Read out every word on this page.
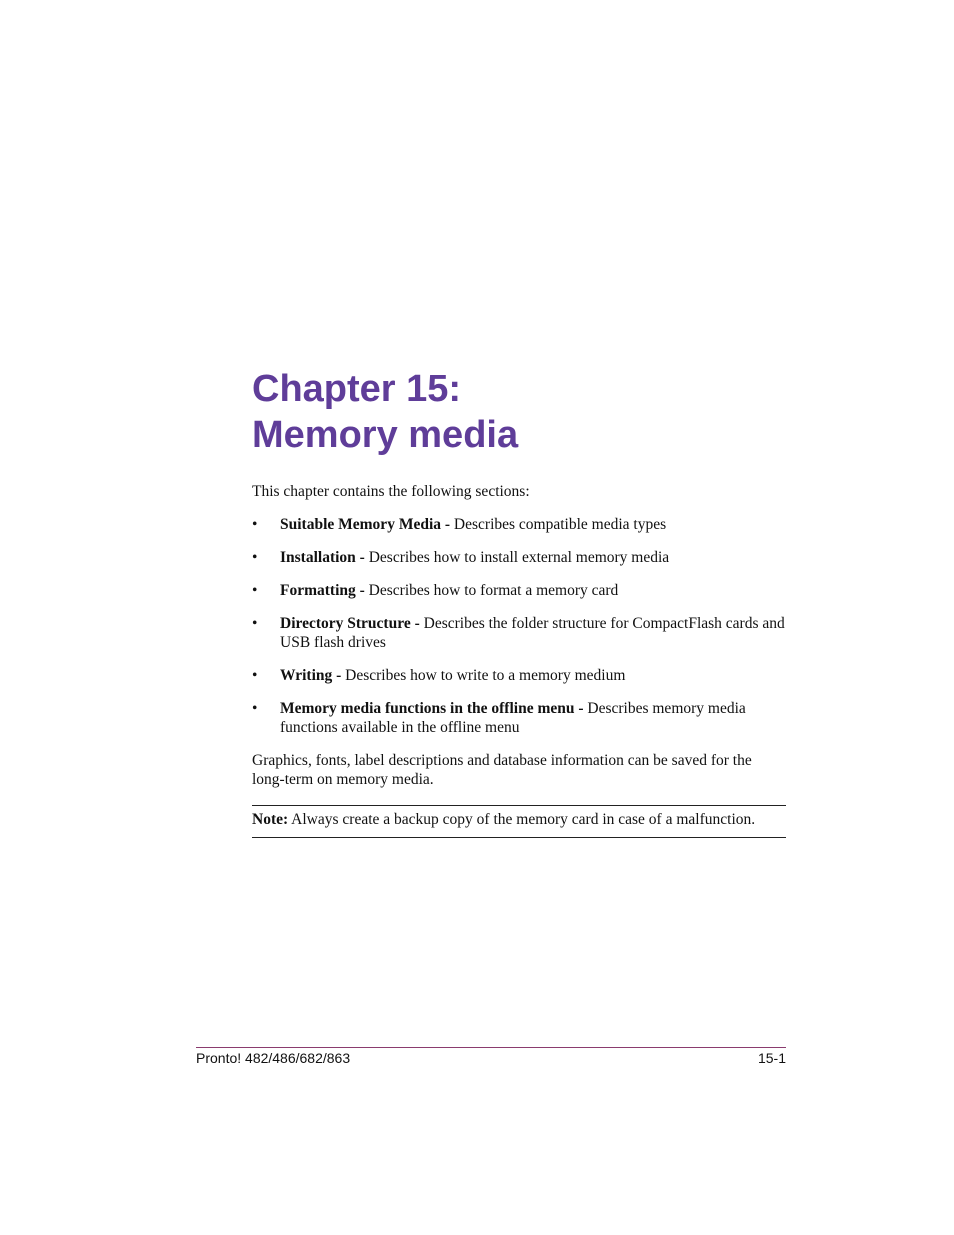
Chapter 15:
Memory media

This chapter contains the following sections:

• Suitable Memory Media - Describes compatible media types
• Installation - Describes how to install external memory media
• Formatting - Describes how to format a memory card
• Directory Structure - Describes the folder structure for CompactFlash cards and USB flash drives
• Writing - Describes how to write to a memory medium
• Memory media functions in the offline menu - Describes memory media functions available in the offline menu

Graphics, fonts, label descriptions and database information can be saved for the long-term on memory media.

Note: Always create a backup copy of the memory card in case of a malfunction.

Pronto! 482/486/682/863	15-1
